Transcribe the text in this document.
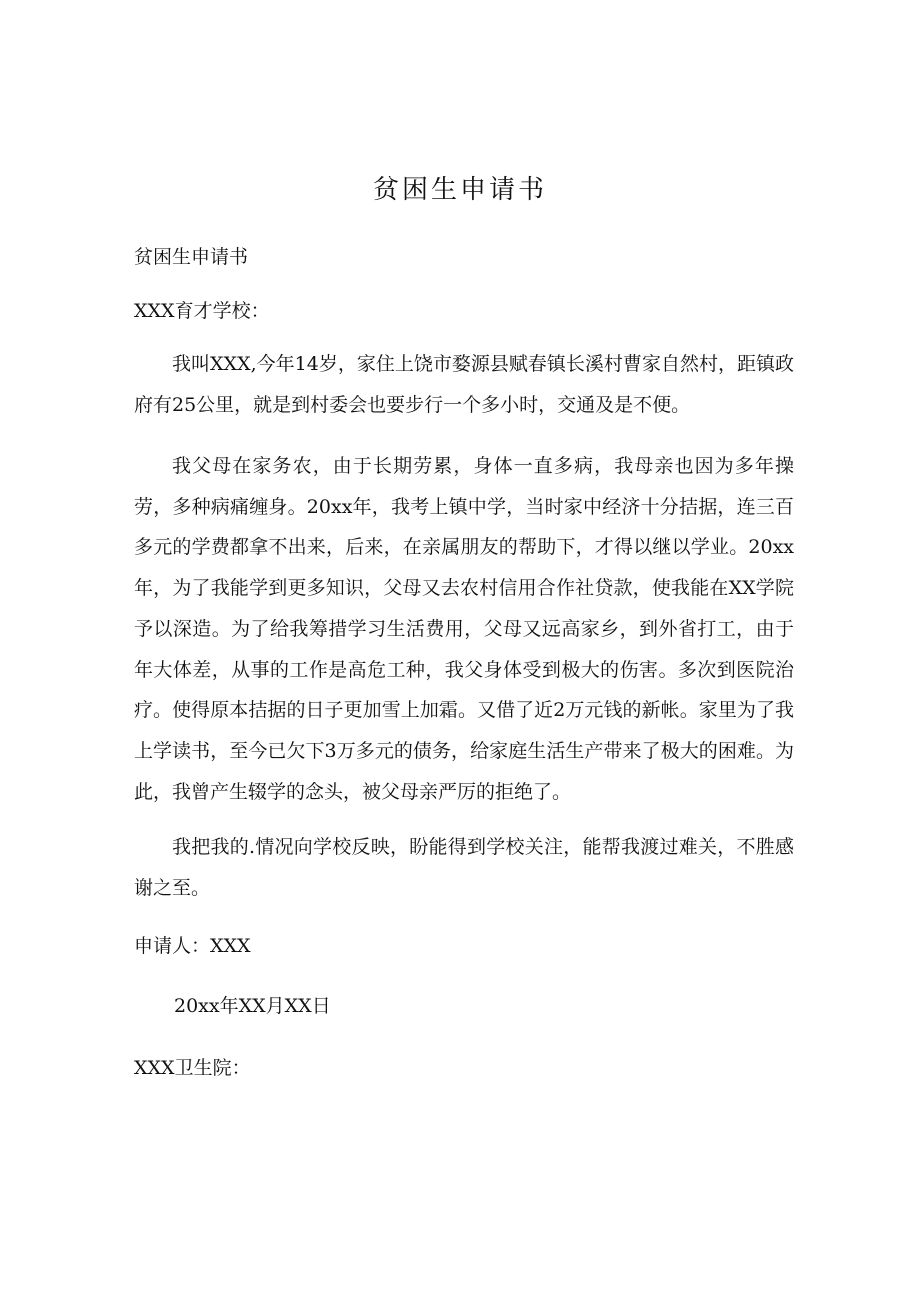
贫困生申请书

贫困生申请书

XXX育才学校：

我叫XXX,今年14岁，家住上饶市婺源县赋春镇长溪村曹家自然村，距镇政府有25公里，就是到村委会也要步行一个多小时，交通及是不便。

我父母在家务农，由于长期劳累，身体一直多病，我母亲也因为多年操劳，多种病痛缠身。20xx年，我考上镇中学，当时家中经济十分拮据，连三百多元的学费都拿不出来，后来，在亲属朋友的帮助下，才得以继以学业。20xx年，为了我能学到更多知识，父母又去农村信用合作社贷款，使我能在XX学院予以深造。为了给我筹措学习生活费用，父母又远高家乡，到外省打工，由于年大体差，从事的工作是高危工种，我父身体受到极大的伤害。多次到医院治疗。使得原本拮据的日子更加雪上加霜。又借了近2万元钱的新帐。家里为了我上学读书，至今已欠下3万多元的债务，给家庭生活生产带来了极大的困难。为此，我曾产生辍学的念头，被父母亲严厉的拒绝了。

我把我的.情况向学校反映，盼能得到学校关注，能帮我渡过难关，不胜感谢之至。

申请人：XXX

20xx年XX月XX日

XXX卫生院：
